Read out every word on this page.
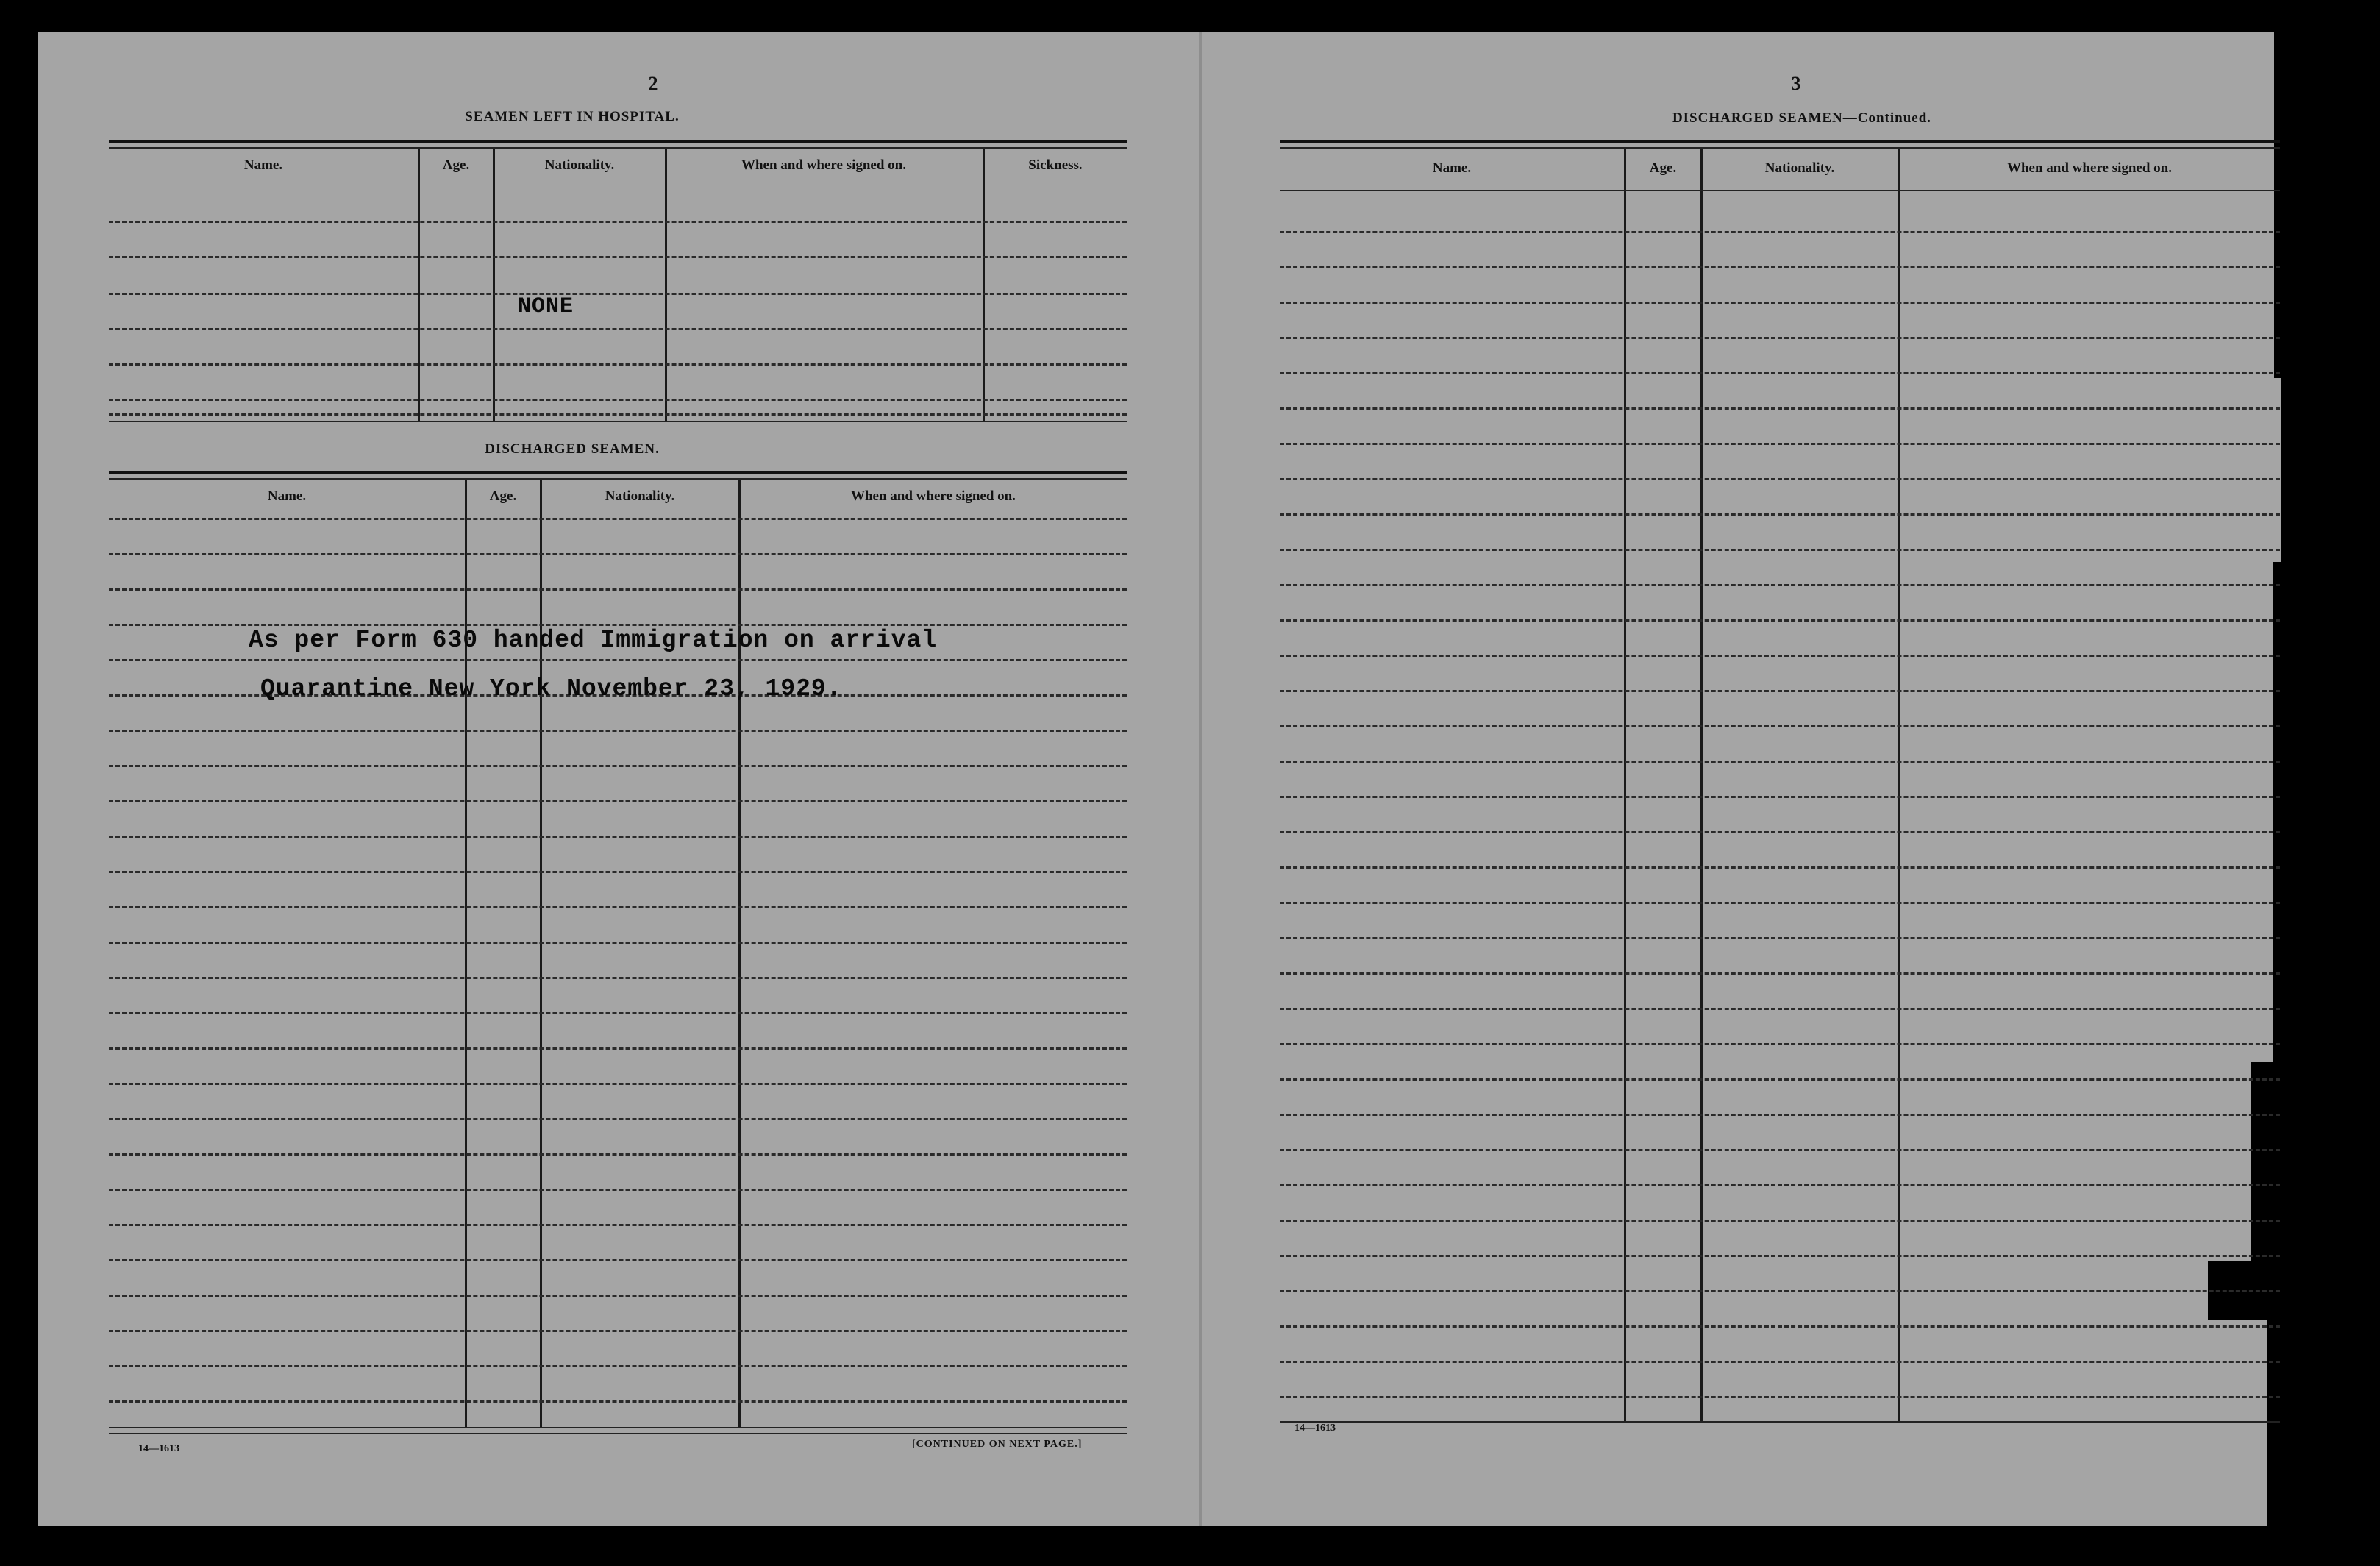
2
SEAMEN LEFT IN HOSPITAL.
Name.	Age.	Nationality.	When and where signed on.	Sickness.
NONE
DISCHARGED SEAMEN.
Name.	Age.	Nationality.	When and where signed on.
As per Form 630 handed Immigration on arrival
Quarantine New York November 23, 1929.
14—1613	[CONTINUED ON NEXT PAGE.]
3
DISCHARGED SEAMEN—Continued.
Name.	Age.	Nationality.	When and where signed on.
14—1613
